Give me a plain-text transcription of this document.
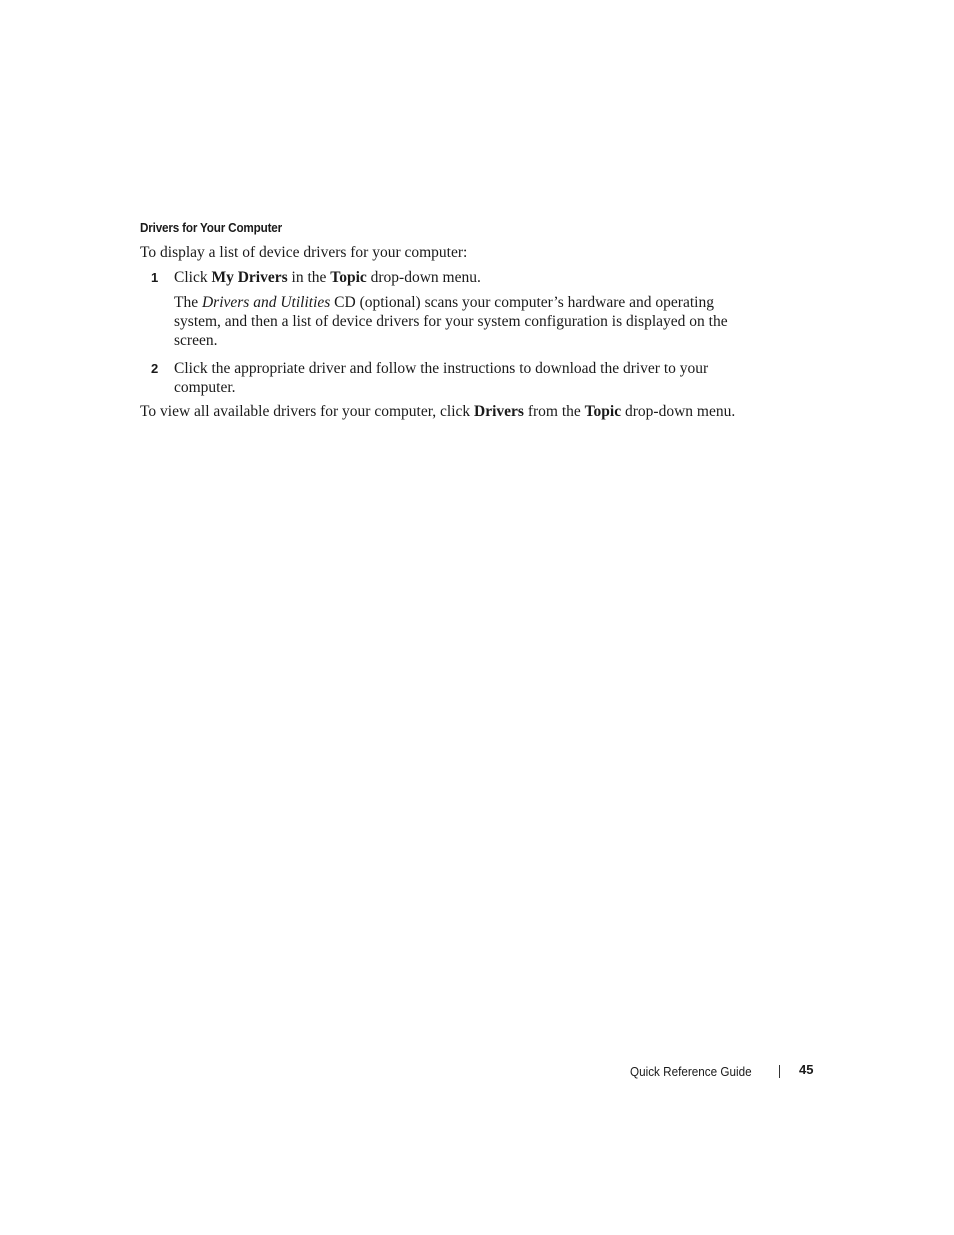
Drivers for Your Computer
To display a list of device drivers for your computer:
1 Click My Drivers in the Topic drop-down menu.
The Drivers and Utilities CD (optional) scans your computer’s hardware and operating system, and then a list of device drivers for your system configuration is displayed on the screen.
2 Click the appropriate driver and follow the instructions to download the driver to your computer.
To view all available drivers for your computer, click Drivers from the Topic drop-down menu.
Quick Reference Guide	45
